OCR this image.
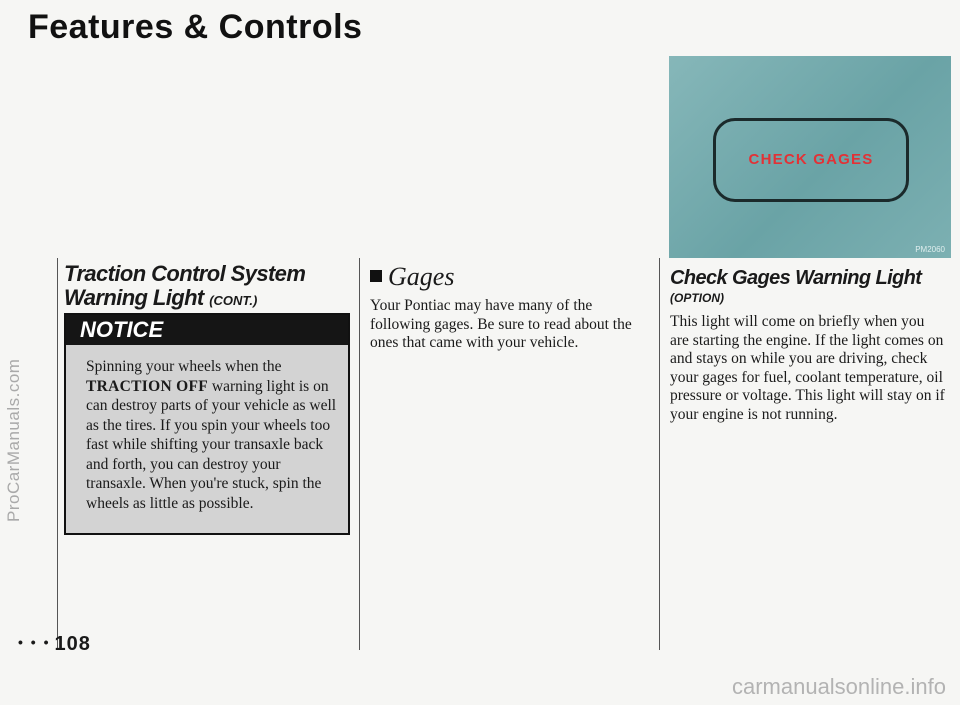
ProCarManuals.com
carmanualsonline.info
Features & Controls
Traction Control System Warning Light (CONT.)
NOTICE
Spinning your wheels when the TRACTION OFF warning light is on can destroy parts of your vehicle as well as the tires. If you spin your wheels too fast while shifting your transaxle back and forth, you can destroy your transaxle. When you're stuck, spin the wheels as little as possible.
Gages
Your Pontiac may have many of the following gages. Be sure to read about the ones that came with your vehicle.
CHECK GAGES
PM2060
Check Gages Warning Light
(OPTION)
This light will come on briefly when you are starting the engine. If the light comes on and stays on while you are driving, check your gages for fuel, coolant temperature, oil pressure or voltage. This light will stay on if your engine is not running.
• • • 108
